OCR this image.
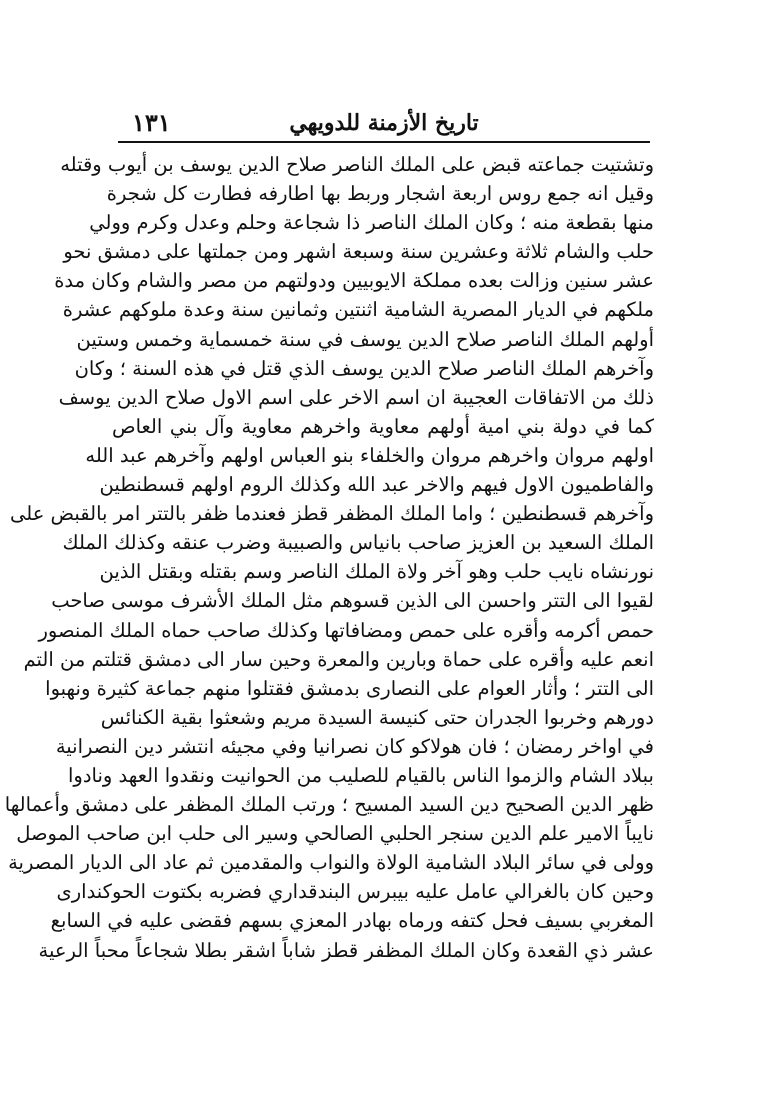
تاريخ الأزمنة للدويهي
١٣١
وتشتيت جماعته قبض على الملك الناصر صلاح الدين يوسف بن أيوب وقتله
وقيل انه جمع روس اربعة اشجار وربط بها اطارفه فطارت كل شجرة
منها بقطعة منه ؛ وكان الملك الناصر ذا شجاعة وحلم وعدل وكرم وولي
حلب والشام ثلاثة وعشرين سنة وسبعة اشهر ومن جملتها على دمشق نحو
عشر سنين وزالت بعده مملكة الايوبيين ودولتهم من مصر والشام وكان مدة
ملكهم في الديار المصرية الشامية اثنتين وثمانين سنة وعدة ملوكهم عشرة
أولهم الملك الناصر صلاح الدين يوسف في سنة خمسماية وخمس وستين
وآخرهم الملك الناصر صلاح الدين يوسف الذي قتل في هذه السنة ؛ وكان
ذلك من الاتفاقات العجيبة ان اسم الاخر على اسم الاول صلاح الدين يوسف
كما في دولة بني امية أولهم معاوية واخرهم معاوية وآل بني العاص
اولهم مروان واخرهم مروان والخلفاء بنو العباس اولهم وآخرهم عبد الله
والفاطميون الاول فيهم والاخر عبد الله وكذلك الروم اولهم قسطنطين
وآخرهم قسطنطين ؛ واما الملك المظفر قطز فعندما ظفر بالتتر امر بالقبض على
الملك السعيد بن العزيز صاحب بانياس والصبيبة وضرب عنقه وكذلك الملك
نورنشاه نايب حلب وهو آخر ولاة الملك الناصر وسم بقتله وبقتل الذين
لقيوا الى التتر واحسن الى الذين قسوهم مثل الملك الأشرف موسى صاحب
حمص أكرمه وأقره على حمص ومضافاتها وكذلك صاحب حماه الملك المنصور
انعم عليه وأقره على حماة وبارين والمعرة وحين سار الى دمشق قتلتم من التم
الى التتر ؛ وأثار العوام على النصارى بدمشق فقتلوا منهم جماعة كثيرة ونهبوا
دورهم وخربوا الجدران حتى كنيسة السيدة مريم وشعثوا بقية الكنائس
في اواخر رمضان ؛ فان هولاكو كان نصرانيا وفي مجيئه انتشر دين النصرانية
ببلاد الشام والزموا الناس بالقيام للصليب من الحوانيت ونقدوا العهد ونادوا
ظهر الدين الصحيح دين السيد المسيح ؛ ورتب الملك المظفر على دمشق وأعمالها
نايباً الامير علم الدين سنجر الحلبي الصالحي وسير الى حلب ابن صاحب الموصل
وولى في سائر البلاد الشامية الولاة والنواب والمقدمين ثم عاد الى الديار المصرية
وحين كان بالغرالي عامل عليه بيبرس البندقداري فضربه بكتوت الحوكندارى
المغربي بسيف فحل كتفه ورماه بهادر المعزي بسهم فقضى عليه في السابع
عشر ذي القعدة وكان الملك المظفر قطز شاباً اشقر بطلا شجاعاً محباً الرعية
